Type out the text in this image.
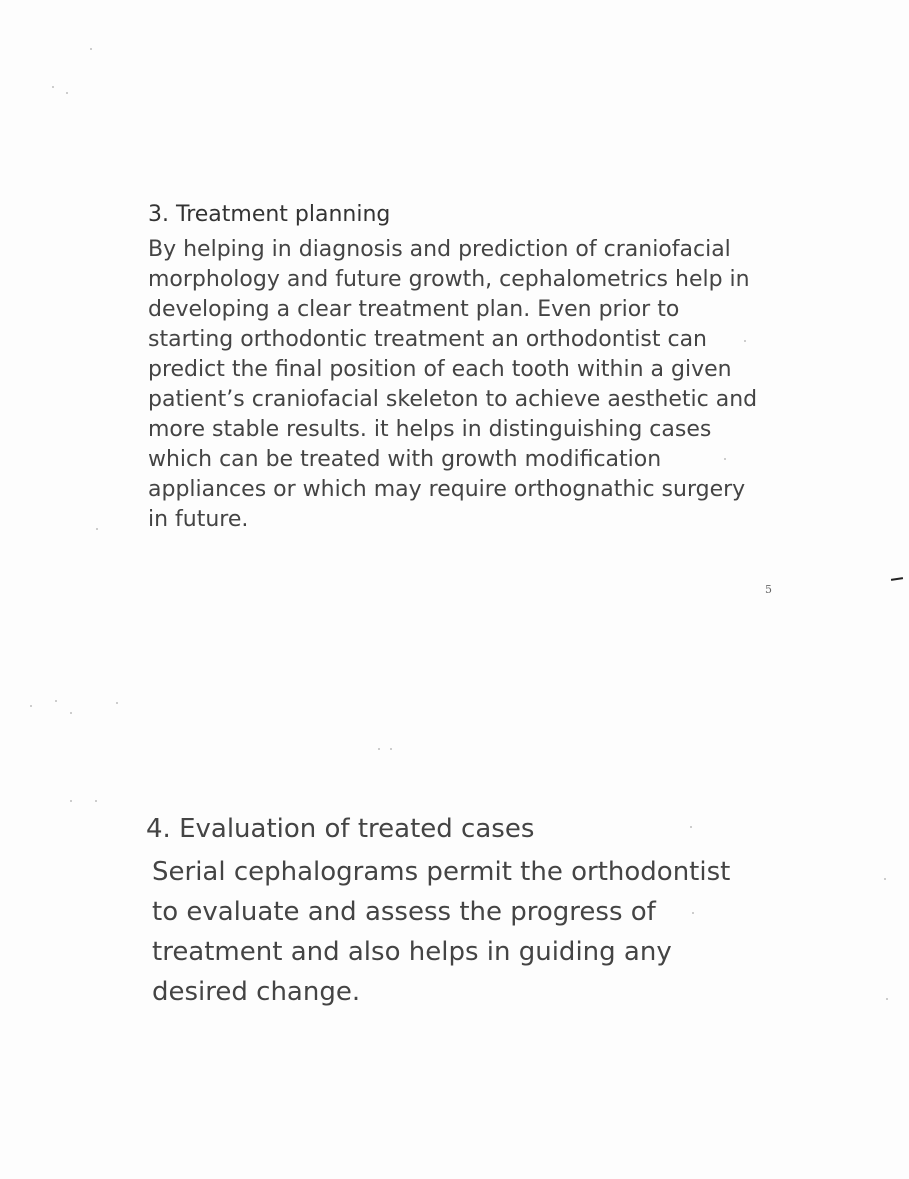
3. Treatment planning
By helping in diagnosis and prediction of craniofacial
morphology and future growth, cephalometrics help in
developing a clear treatment plan. Even prior to
starting orthodontic treatment an orthodontist can
predict the final position of each tooth within a given
patient’s craniofacial skeleton to achieve aesthetic and
more stable results. it helps in distinguishing cases
which can be treated with growth modification
appliances or which may require orthognathic surgery
in future.
5
4. Evaluation of treated cases
Serial cephalograms permit the orthodontist
to evaluate and assess the progress of
treatment and also helps in guiding any
desired change.
